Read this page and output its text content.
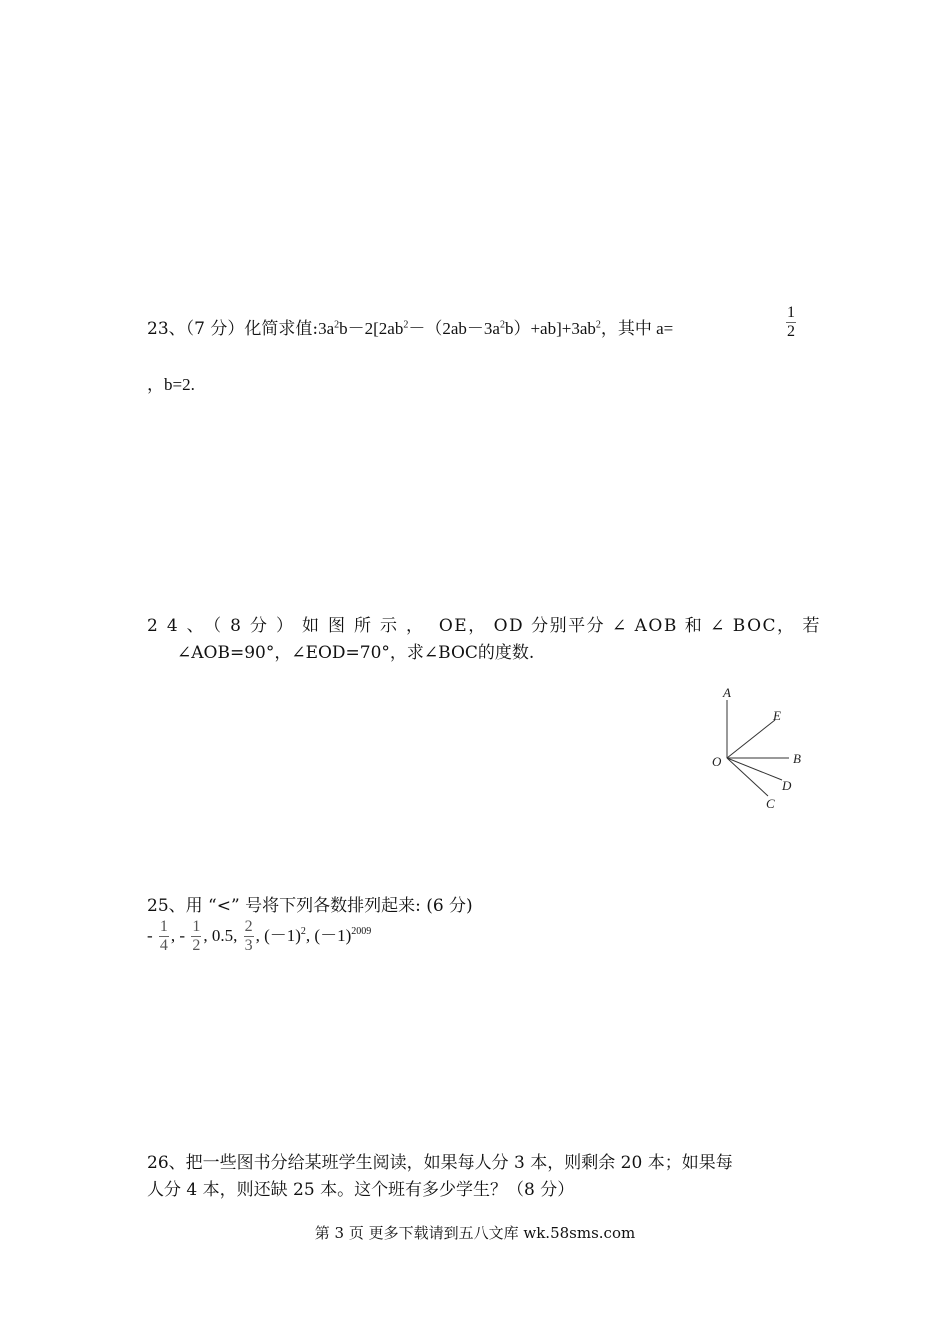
23、（7 分）化简求值$:3a^2b-2[2ab^2-(2ab-3a^2b)+ab]+3ab^2$，其中 a=	$\frac{1}{2}$
，b=2.
24、（8分）如图所示， OE， OD 分别平分 ∠ AOB 和 ∠ BOC， 若
∠AOB=90°，∠EOD=70°，求∠BOC的度数.
A
E
B
O
D
C
25、用 “<” 号将下列各数排列起来: (6 分)
- $\frac{1}{4}$ , - $\frac{1}{2}$ , 0.5, $\frac{2}{3}$ , $(-1)^2$, $(-1)^{2009}$
26、把一些图书分给某班学生阅读，如果每人分 3 本，则剩余 20 本；如果每
人分 4 本，则还缺 25 本。这个班有多少学生？（8 分）
第 3 页 更多下载请到五八文库 wk.58sms.com
